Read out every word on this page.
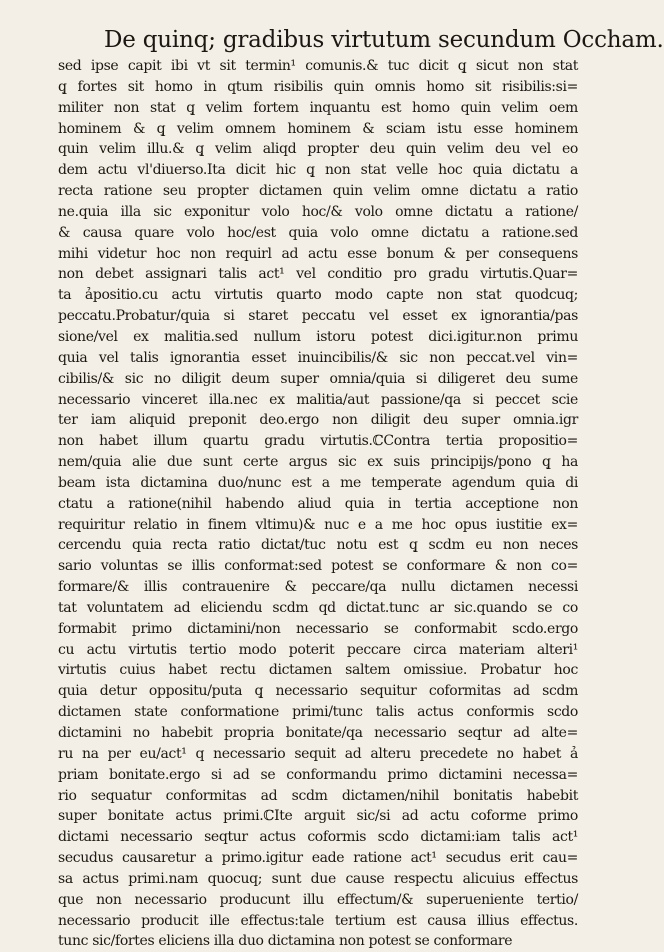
De quinq; gradibus virtutum secundum Occham.
sed ipse capit ibi vt sit termin¹ comunis.& tuc dicit q̧ sicut non stat
q̧ fortes sit homo in qtum risibilis quin omnis homo sit risibilis:si=
militer non stat q̧ velim fortem inquantu est homo quin velim oem
hominem & q̧ velim omnem hominem & sciam istu esse hominem
quin velim illu.& q̧ velim aliqd propter deu quin velim deu vel eo
dem actu vl'diuerso.Ita dicit hic q̧ non stat velle hoc quia dictatu a
recta ratione seu propter dictamen quin velim omne dictatu a ratio
ne.quia illa sic exponitur volo hoc/& volo omne dictatu a ratione/
& causa quare volo hoc/est quia volo omne dictatu a ratione.sed
mihi videtur hoc non requirl ad actu esse bonum & per consequens
non debet assignari talis act¹ vel conditio pro gradu virtutis.Quar=
ta ảpositio.cu actu virtutis quarto modo capte non stat quodcuq;
peccatu.Probatur/quia si staret peccatu vel esset ex ignorantia/pas
sione/vel ex malitia.sed nullum istoru potest dici.igitur.non primu
quia vel talis ignorantia esset inuincibilis/& sic non peccat.vel vin=
cibilis/& sic no diligit deum super omnia/quia si diligeret deu sume
necessario vinceret illa.nec ex malitia/aut passione/qa si peccet scie
ter iam aliquid preponit deo.ergo non diligit deu super omnia.igr
non habet illum quartu gradu virtutis.ℂContra tertia propositio=
nem/quia alie due sunt certe argus sic ex suis principijs/pono q̧ ha
beam ista dictamina duo/nunc est a me temperate agendum quia di
ctatu a ratione(nihil habendo aliud quia in tertia acceptione non
requiritur relatio in finem vltimu)& nuc e a me hoc opus iustitie ex=
cercendu quia recta ratio dictat/tuc notu est q̧ scdm eu non neces
sario voluntas se illis conformat:sed potest se conformare & non co=
formare/& illis contrauenire & peccare/qa nullu dictamen necessi
tat voluntatem ad eliciendu scdm qd dictat.tunc ar sic.quando se co
formabit primo dictamini/non necessario se conformabit scdo.ergo
cu actu virtutis tertio modo poterit peccare circa materiam alteri¹
virtutis cuius habet rectu dictamen saltem omissiue. Probatur hoc
quia detur oppositu/puta q̧ necessario sequitur coformitas ad scdm
dictamen state conformatione primi/tunc talis actus conformis scdo
dictamini no habebit propria bonitate/qa necessario seqtur ad alte=
ru na per eu/act¹ q necessario sequit ad alteru precedete no habet ả
priam bonitate.ergo si ad se conformandu primo dictamini necessa=
rio sequatur conformitas ad scdm dictamen/nihil bonitatis habebit
super bonitate actus primi.ℂIte arguit sic/si ad actu coforme primo
dictami necessario seqtur actus coformis scdo dictami:iam talis act¹
secudus causaretur a primo.igitur eade ratione act¹ secudus erit cau=
sa actus primi.nam quocuq; sunt due cause respectu alicuius effectus
que non necessario producunt illu effectum/& superueniente tertio/
necessario producit ille effectus:tale tertium est causa illius effectus.
tunc sic/fortes eliciens illa duo dictamina non potest se conformare
